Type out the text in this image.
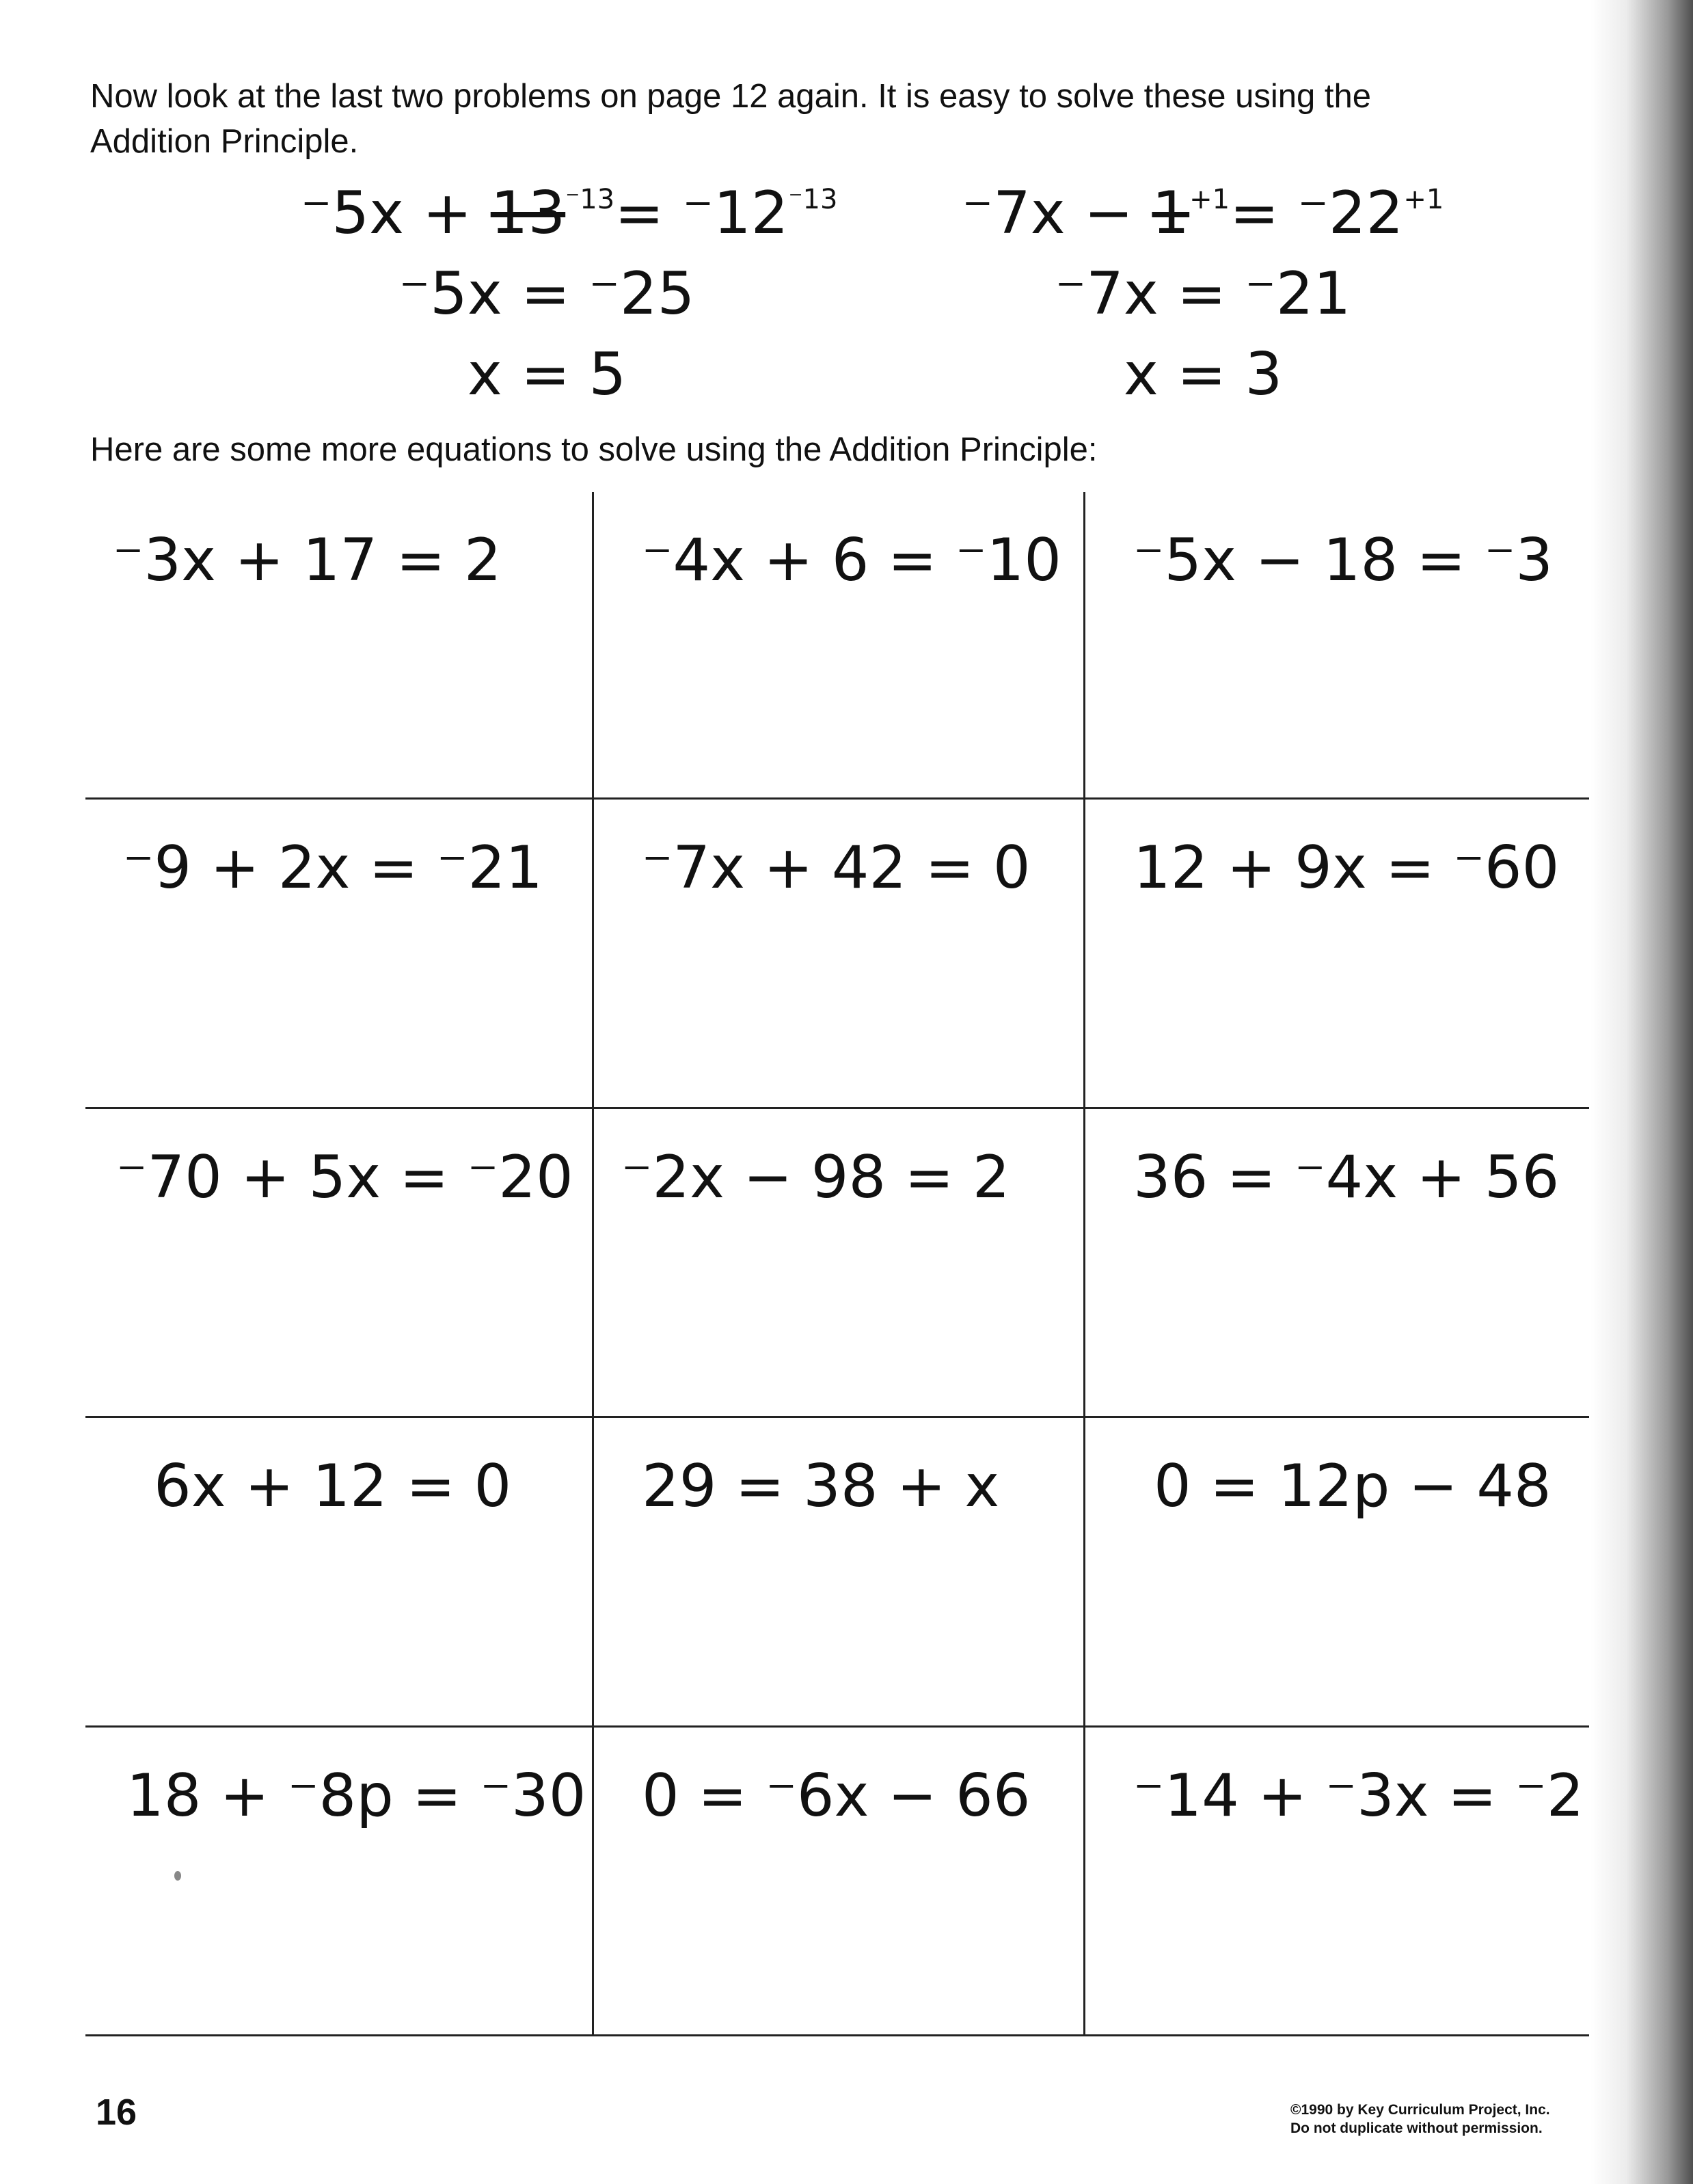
Now look at the last two problems on page 12 again. It is easy to solve these using the
Addition Principle.
$^-5x + 13^{^-13}= ^-12^{^-13}$
⁻5x = ⁻25
x = 5
$^-7x - 1^{+1}= ^-22^{+1}$
⁻7x = ⁻21
x = 3
Here are some more equations to solve using the Addition Principle:
⁻3x + 17 = 2 ⁻4x + 6 = ⁻10 ⁻5x − 18 = ⁻3
⁻9 + 2x = ⁻21 ⁻7x + 42 = 0 12 + 9x = ⁻60
⁻70 + 5x = ⁻20 ⁻2x − 98 = 2 36 = ⁻4x + 56
6x + 12 = 0 29 = 38 + x	0 = 12p − 48
18 + ⁻8p = ⁻30 0 = ⁻6x − 66 ⁻14 + ⁻3x = ⁻2
16	©1990 by Key Curriculum Project, Inc.
Do not duplicate without permission.
